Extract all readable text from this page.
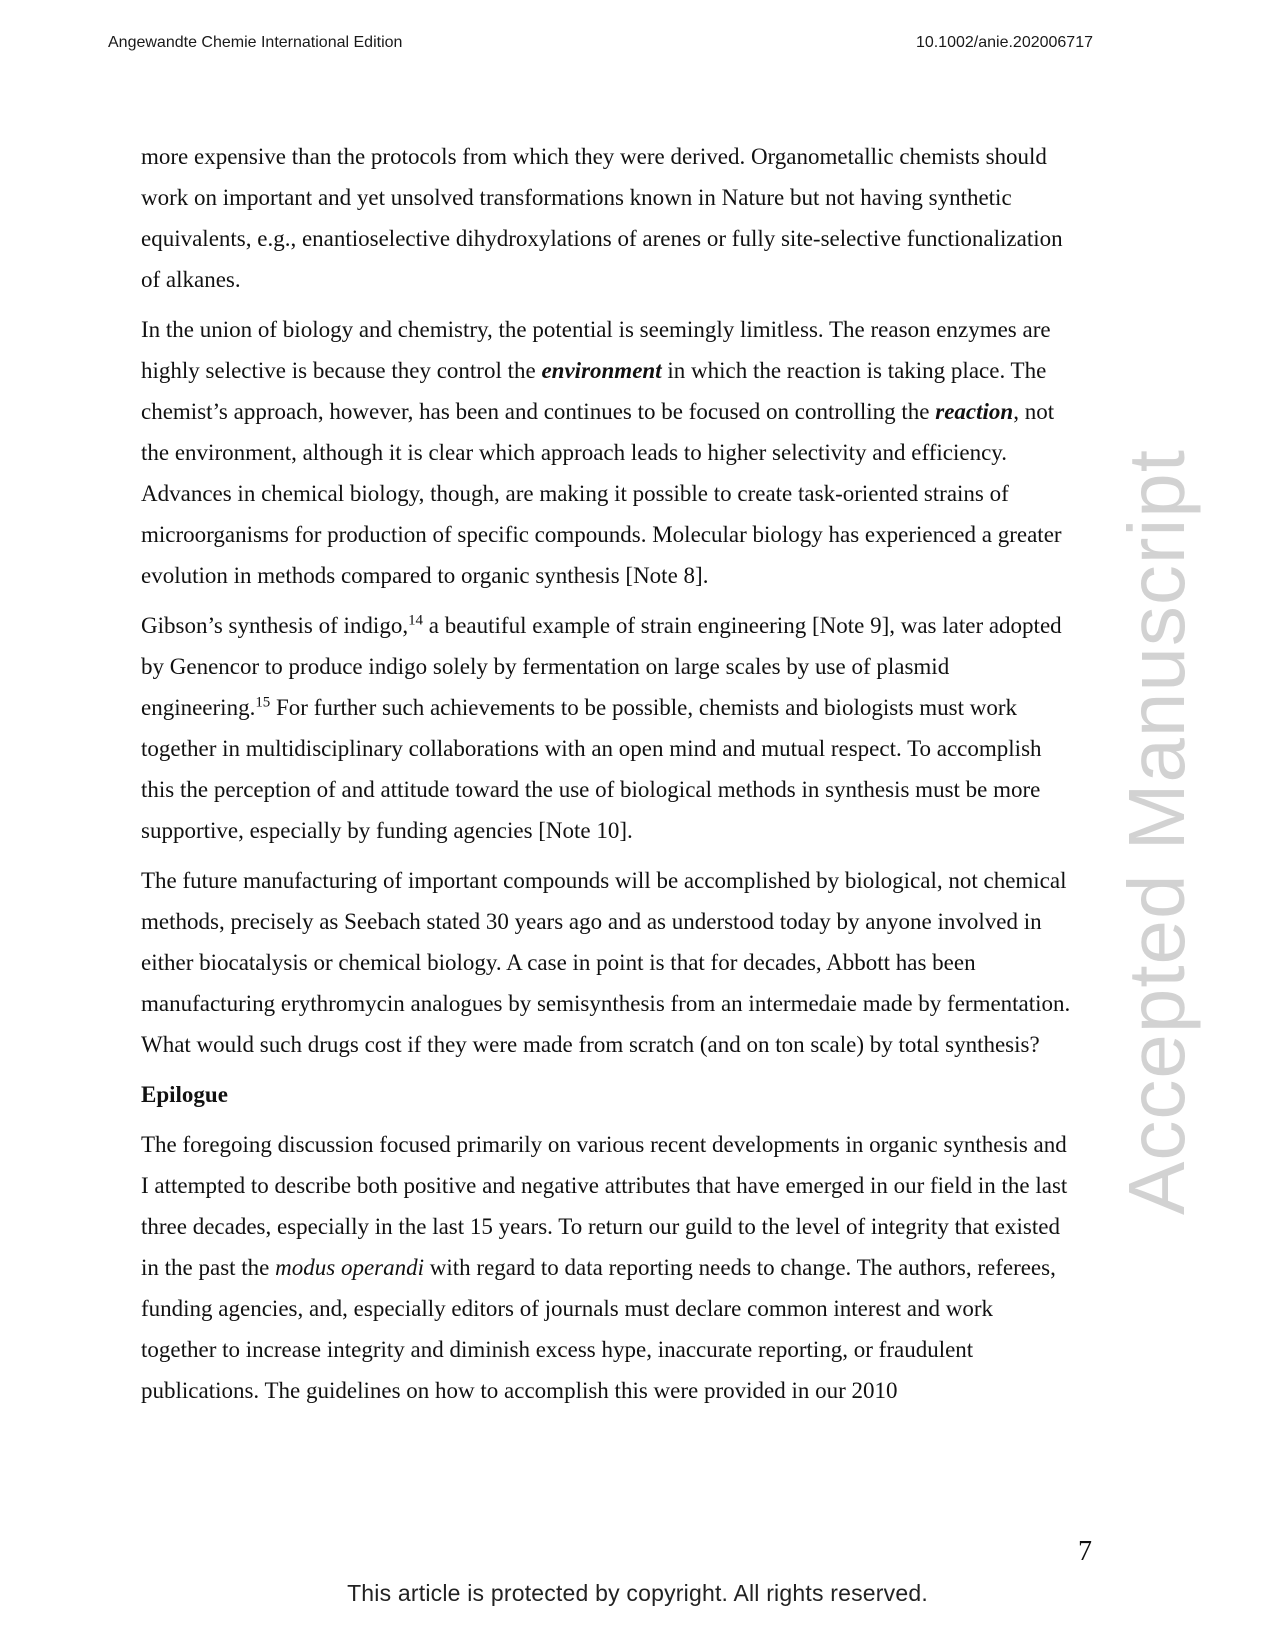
Angewandte Chemie International Edition	10.1002/anie.202006717
Accepted Manuscript

more expensive than the protocols from which they were derived. Organometallic chemists should work on important and yet unsolved transformations known in Nature but not having synthetic equivalents, e.g., enantioselective dihydroxylations of arenes or fully site-selective functionalization of alkanes.

In the union of biology and chemistry, the potential is seemingly limitless. The reason enzymes are highly selective is because they control the environment in which the reaction is taking place. The chemist’s approach, however, has been and continues to be focused on controlling the reaction, not the environment, although it is clear which approach leads to higher selectivity and efficiency. Advances in chemical biology, though, are making it possible to create task-oriented strains of microorganisms for production of specific compounds. Molecular biology has experienced a greater evolution in methods compared to organic synthesis [Note 8].

Gibson’s synthesis of indigo,$^{14}$ a beautiful example of strain engineering [Note 9], was later adopted by Genencor to produce indigo solely by fermentation on large scales by use of plasmid engineering.$^{15}$ For further such achievements to be possible, chemists and biologists must work together in multidisciplinary collaborations with an open mind and mutual respect. To accomplish this the perception of and attitude toward the use of biological methods in synthesis must be more supportive, especially by funding agencies [Note 10].

The future manufacturing of important compounds will be accomplished by biological, not chemical methods, precisely as Seebach stated 30 years ago and as understood today by anyone involved in either biocatalysis or chemical biology. A case in point is that for decades, Abbott has been manufacturing erythromycin analogues by semisynthesis from an intermedaie made by fermentation. What would such drugs cost if they were made from scratch (and on ton scale) by total synthesis?

Epilogue

The foregoing discussion focused primarily on various recent developments in organic synthesis and I attempted to describe both positive and negative attributes that have emerged in our field in the last three decades, especially in the last 15 years. To return our guild to the level of integrity that existed in the past the modus operandi with regard to data reporting needs to change. The authors, referees, funding agencies, and, especially editors of journals must declare common interest and work together to increase integrity and diminish excess hype, inaccurate reporting, or fraudulent publications. The guidelines on how to accomplish this were provided in our 2010

7
This article is protected by copyright. All rights reserved.
